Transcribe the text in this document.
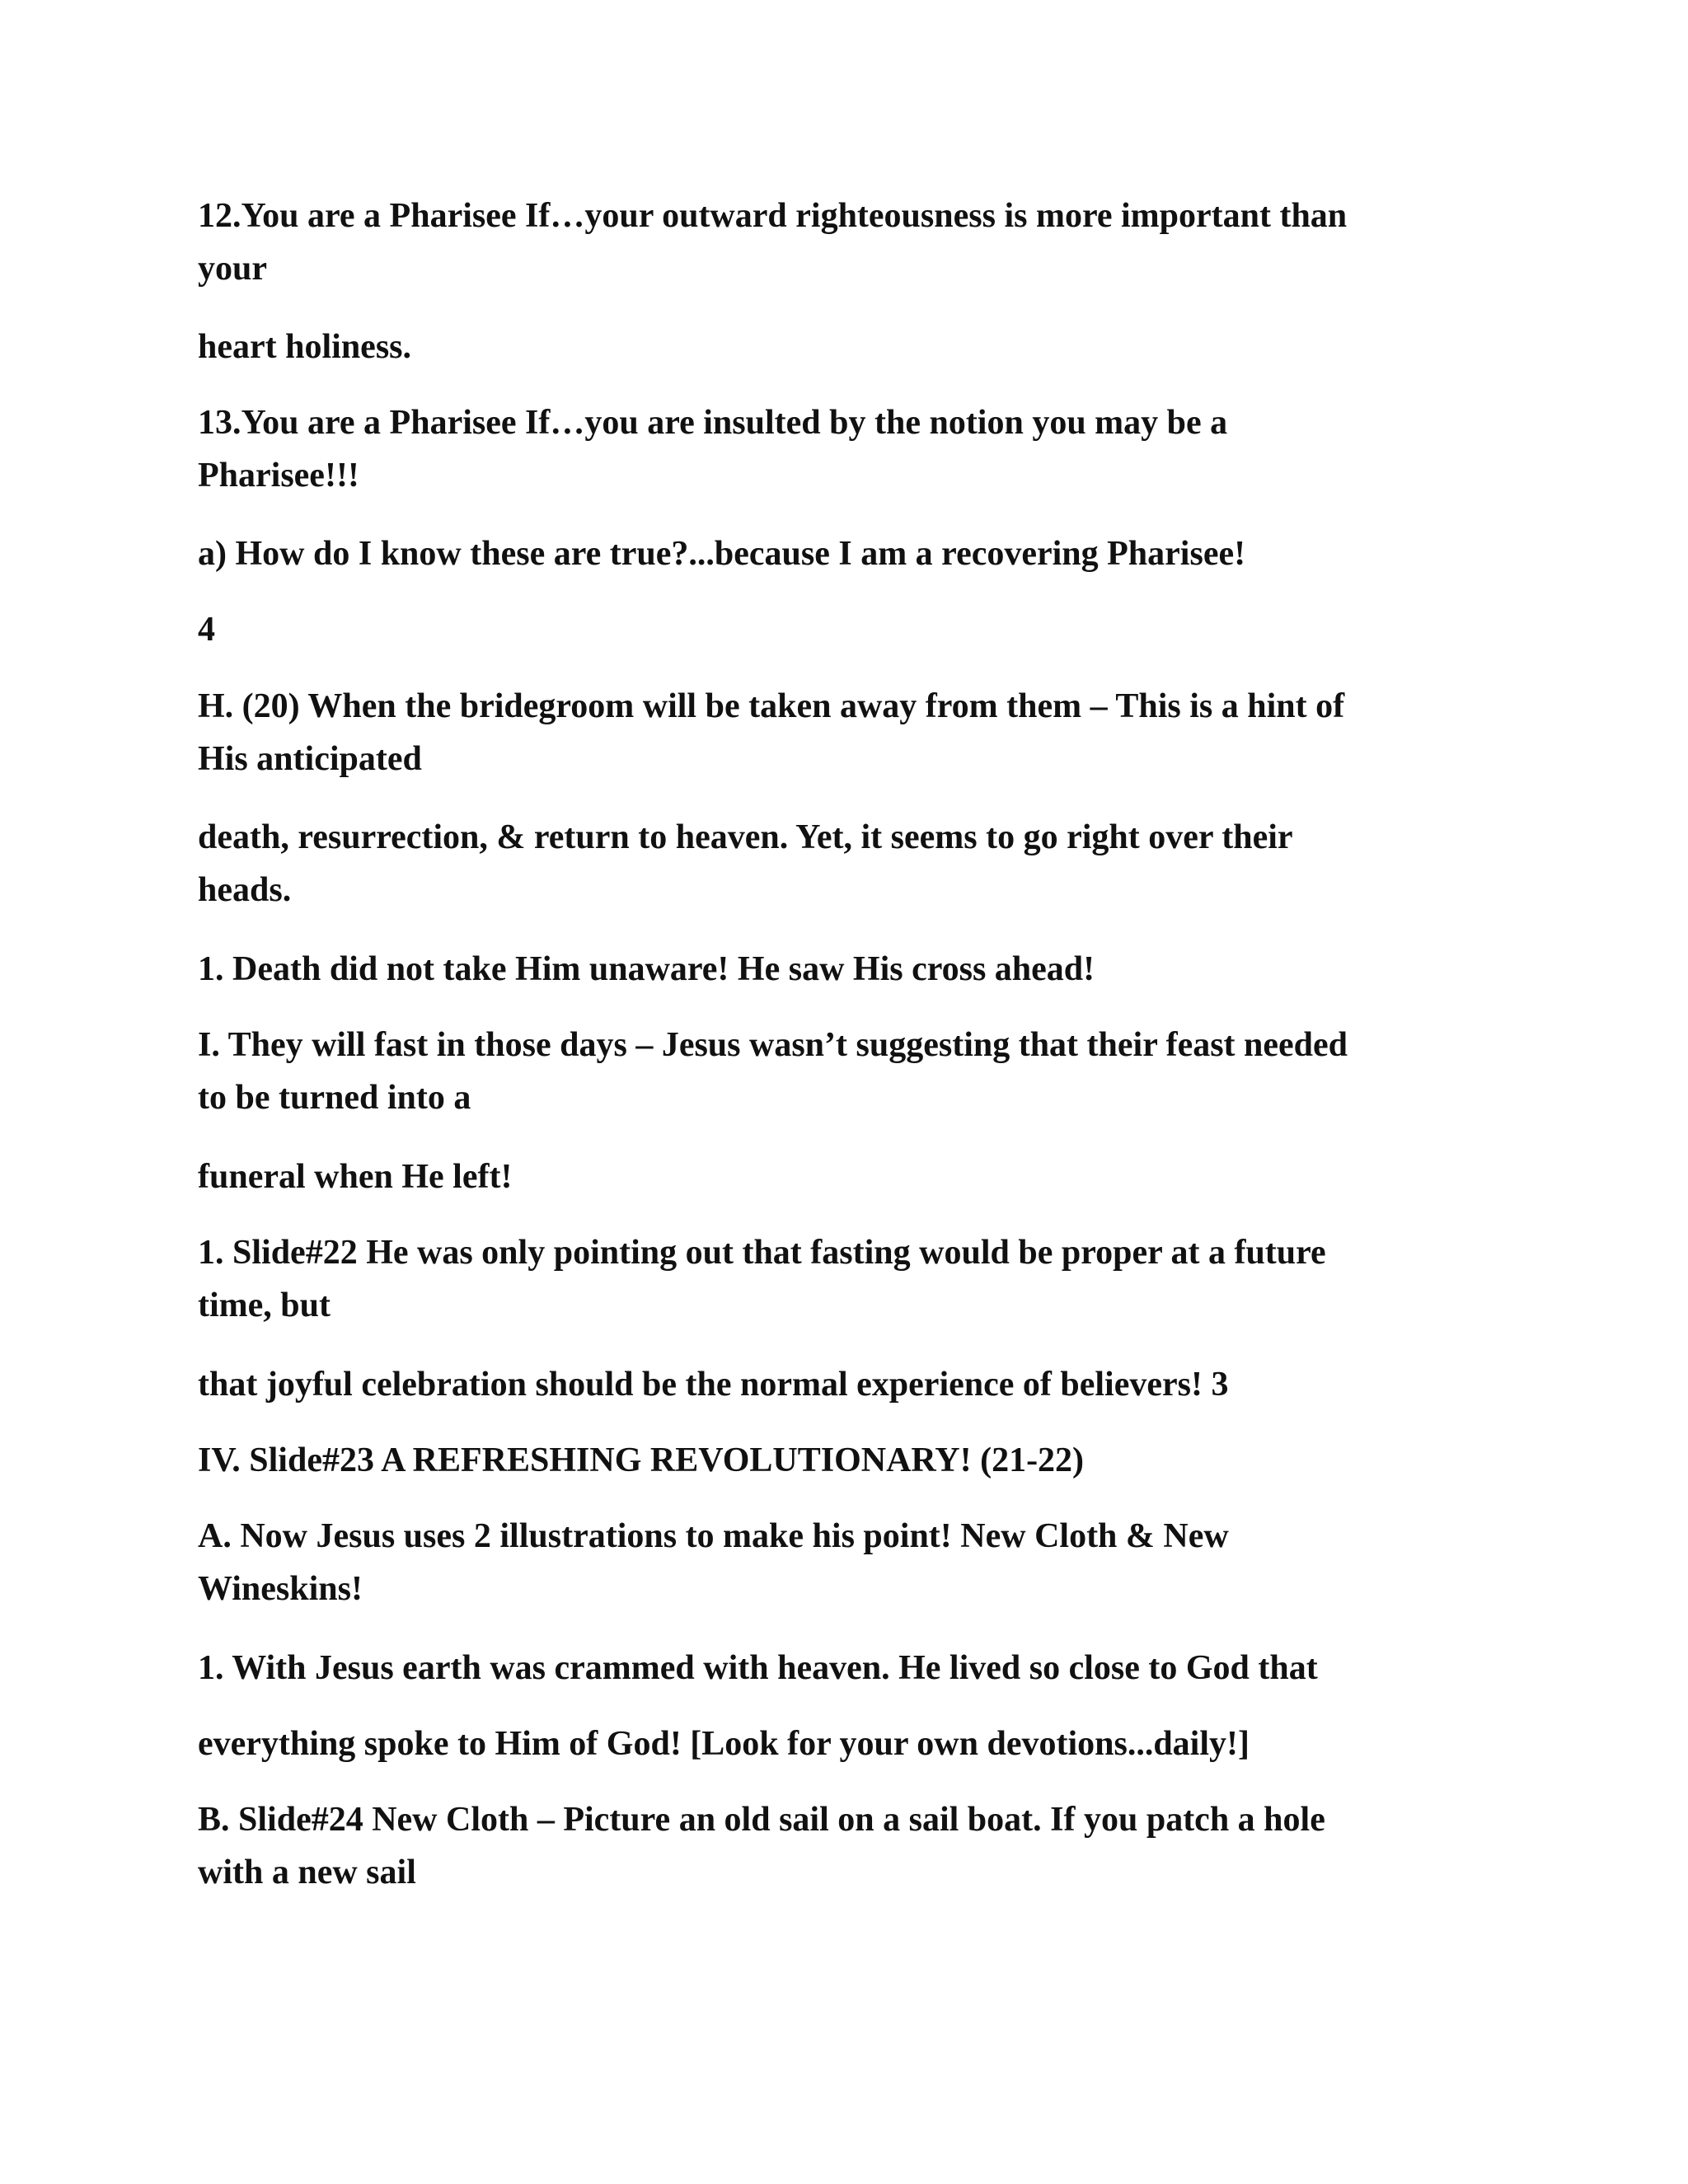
12.You are a Pharisee If…your outward righteousness is more important than
your

heart holiness.

13.You are a Pharisee If…you are insulted by the notion you may be a
Pharisee!!!

a) How do I know these are true?...because I am a recovering Pharisee!

4

H. (20) When the bridegroom will be taken away from them – This is a hint of
His anticipated

death, resurrection, & return to heaven. Yet, it seems to go right over their
heads.

1. Death did not take Him unaware! He saw His cross ahead!

I. They will fast in those days – Jesus wasn’t suggesting that their feast needed
to be turned into a

funeral when He left!

1. Slide#22 He was only pointing out that fasting would be proper at a future
time, but

that joyful celebration should be the normal experience of believers! 3

IV. Slide#23 A REFRESHING REVOLUTIONARY! (21-22)

A. Now Jesus uses 2 illustrations to make his point! New Cloth & New
Wineskins!

1. With Jesus earth was crammed with heaven. He lived so close to God that

everything spoke to Him of God! [Look for your own devotions...daily!]

B. Slide#24 New Cloth – Picture an old sail on a sail boat. If you patch a hole
with a new sail
